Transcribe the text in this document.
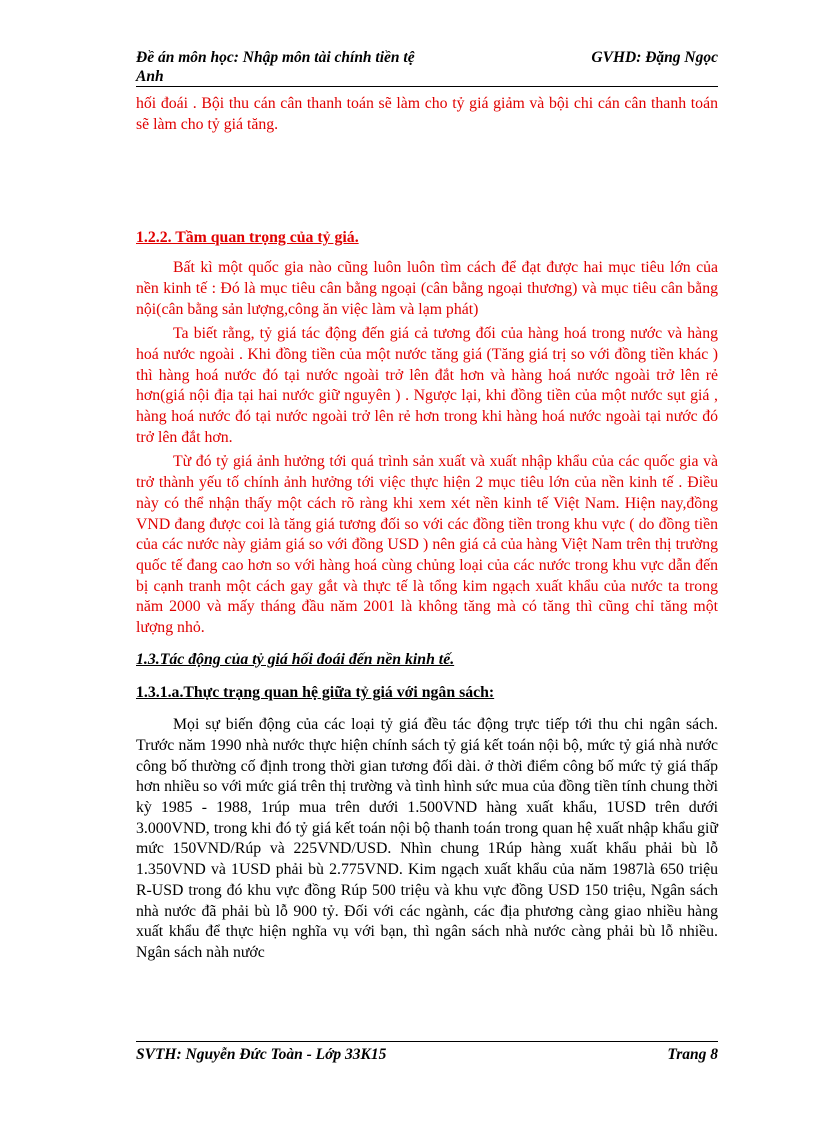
Đề án môn học: Nhập môn tài chính tiền tệ	GVHD: Đặng Ngọc
Anh

hối đoái . Bội thu cán cân thanh toán sẽ làm cho tỷ giá giảm và bội chi cán cân thanh toán sẽ làm cho tỷ giá tăng.

1.2.2. Tầm quan trọng của tỷ giá.

Bất kì một quốc gia nào cũng luôn luôn tìm cách để đạt được hai mục tiêu lớn của nền kinh tế : Đó là mục tiêu cân bằng ngoại (cân bằng ngoại thương) và mục tiêu cân bằng nội(cân bằng sản lượng,công ăn việc làm và lạm phát)

Ta biết rằng, tỷ giá tác động đến giá cả tương đối của hàng hoá trong nước và hàng hoá nước ngoài . Khi đồng tiền của một nước tăng giá (Tăng giá trị so với đồng tiền khác ) thì hàng hoá nước đó tại nước ngoài trở lên đắt hơn và hàng hoá nước ngoài trở lên rẻ hơn(giá nội địa tại hai nước giữ nguyên ) . Ngược lại, khi đồng tiền của một nước sụt giá , hàng hoá nước đó tại nước ngoài trở lên rẻ hơn trong khi hàng hoá nước ngoài tại nước đó trở lên đắt hơn.

Từ đó tỷ giá ảnh hưởng tới quá trình sản xuất và xuất nhập khẩu của các quốc gia và trở thành yếu tố chính ảnh hưởng tới việc thực hiện 2 mục tiêu lớn của nền kinh tế . Điều này có thể nhận thấy một cách rõ ràng khi xem xét nền kinh tế Việt Nam. Hiện nay,đồng VND đang được coi là tăng giá tương đối so với các đồng tiền trong khu vực ( do đồng tiền của các nước này giảm giá so với đồng USD ) nên giá cả của hàng Việt Nam trên thị trường quốc tế đang cao hơn so với hàng hoá cùng chủng loại của các nước trong khu vực dẫn đến bị cạnh tranh một cách gay gắt và thực tế là tổng kim ngạch xuất khẩu của nước ta trong năm 2000 và mấy tháng đầu năm 2001 là không tăng mà có tăng thì cũng chỉ tăng một lượng nhỏ.

1.3.Tác động của tỷ giá hối đoái đến nền kinh tế.

1.3.1.a.Thực trạng quan hệ giữa tỷ giá với ngân sách:

Mọi sự biến động của các loại tỷ giá đều tác động trực tiếp tới thu chi ngân sách. Trước năm 1990 nhà nước thực hiện chính sách tỷ giá kết toán nội bộ, mức tỷ giá nhà nước công bố thường cố định trong thời gian tương đối dài. ở thời điểm công bố mức tỷ giá thấp hơn nhiều so với mức giá trên thị trường và tình hình sức mua của đồng tiền tính chung thời kỳ 1985 - 1988, 1rúp mua trên dưới 1.500VND hàng xuất khẩu, 1USD trên dưới 3.000VND, trong khi đó tỷ giá kết toán nội bộ thanh toán trong quan hệ xuất nhập khẩu giữ mức 150VND/Rúp và 225VND/USD. Nhìn chung 1Rúp hàng xuất khẩu phải bù lỗ 1.350VND và 1USD phải bù 2.775VND. Kim ngạch xuất khẩu của năm 1987là 650 triệu R-USD trong đó khu vực đồng Rúp 500 triệu và khu vực đồng USD 150 triệu, Ngân sách nhà nước đã phải bù lỗ 900 tỷ. Đối với các ngành, các địa phương càng giao nhiều hàng xuất khẩu để thực hiện nghĩa vụ với bạn, thì ngân sách nhà nước càng phải bù lỗ nhiều. Ngân sách nàh nước

SVTH: Nguyễn Đức Toàn - Lớp 33K15	Trang 8
